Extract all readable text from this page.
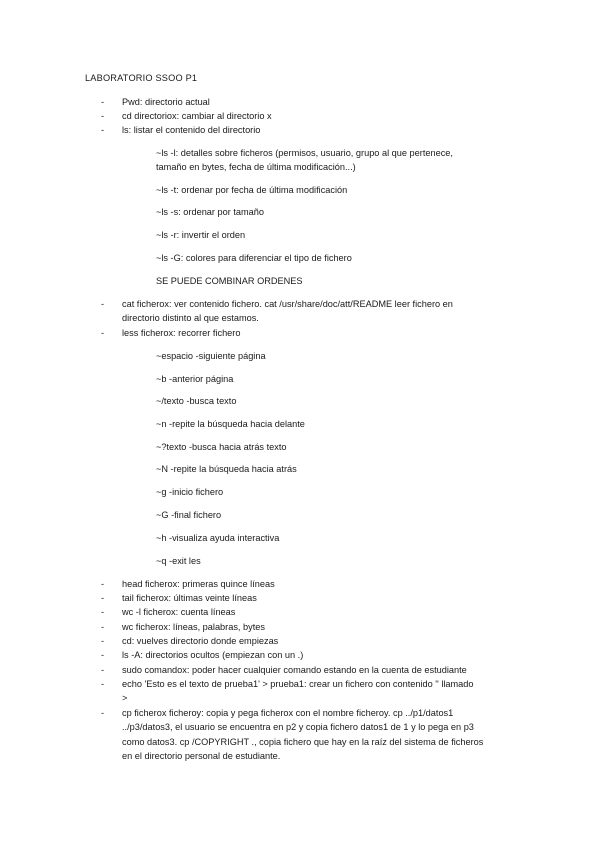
LABORATORIO SSOO P1
- Pwd: directorio actual
- cd directoriox: cambiar al directorio x
- ls: listar el contenido del directorio
~ls -l: detalles sobre ficheros (permisos, usuario, grupo al que pertenece,
tamaño en bytes, fecha de última modificación...)
~ls -t: ordenar por fecha de última modificación
~ls -s: ordenar por tamaño
~ls -r: invertir el orden
~ls -G: colores para diferenciar el tipo de fichero
SE PUEDE COMBINAR ORDENES
- cat ficherox: ver contenido fichero. cat /usr/share/doc/att/README leer fichero en
directorio distinto al que estamos.
- less ficherox: recorrer fichero
~espacio -siguiente página
~b -anterior página
~/texto -busca texto
~n -repite la búsqueda hacia delante
~?texto -busca hacia atrás texto
~N -repite la búsqueda hacia atrás
~g -inicio fichero
~G -final fichero
~h -visualiza ayuda interactiva
~q -exit les
- head ficherox: primeras quince líneas
- tail ficherox: últimas veinte líneas
- wc -l ficherox: cuenta líneas
- wc ficherox: líneas, palabras, bytes
- cd: vuelves directorio donde empiezas
- ls -A: directorios ocultos (empiezan con un .)
- sudo comandox: poder hacer cualquier comando estando en la cuenta de estudiante
- echo 'Esto es el texto de prueba1' > prueba1: crear un fichero con contenido '' llamado
>
- cp ficherox ficheroy: copia y pega ficherox con el nombre ficheroy. cp ../p1/datos1
../p3/datos3, el usuario se encuentra en p2 y copia fichero datos1 de 1 y lo pega en p3
como datos3. cp /COPYRIGHT ., copia fichero que hay en la raíz del sistema de ficheros
en el directorio personal de estudiante.
